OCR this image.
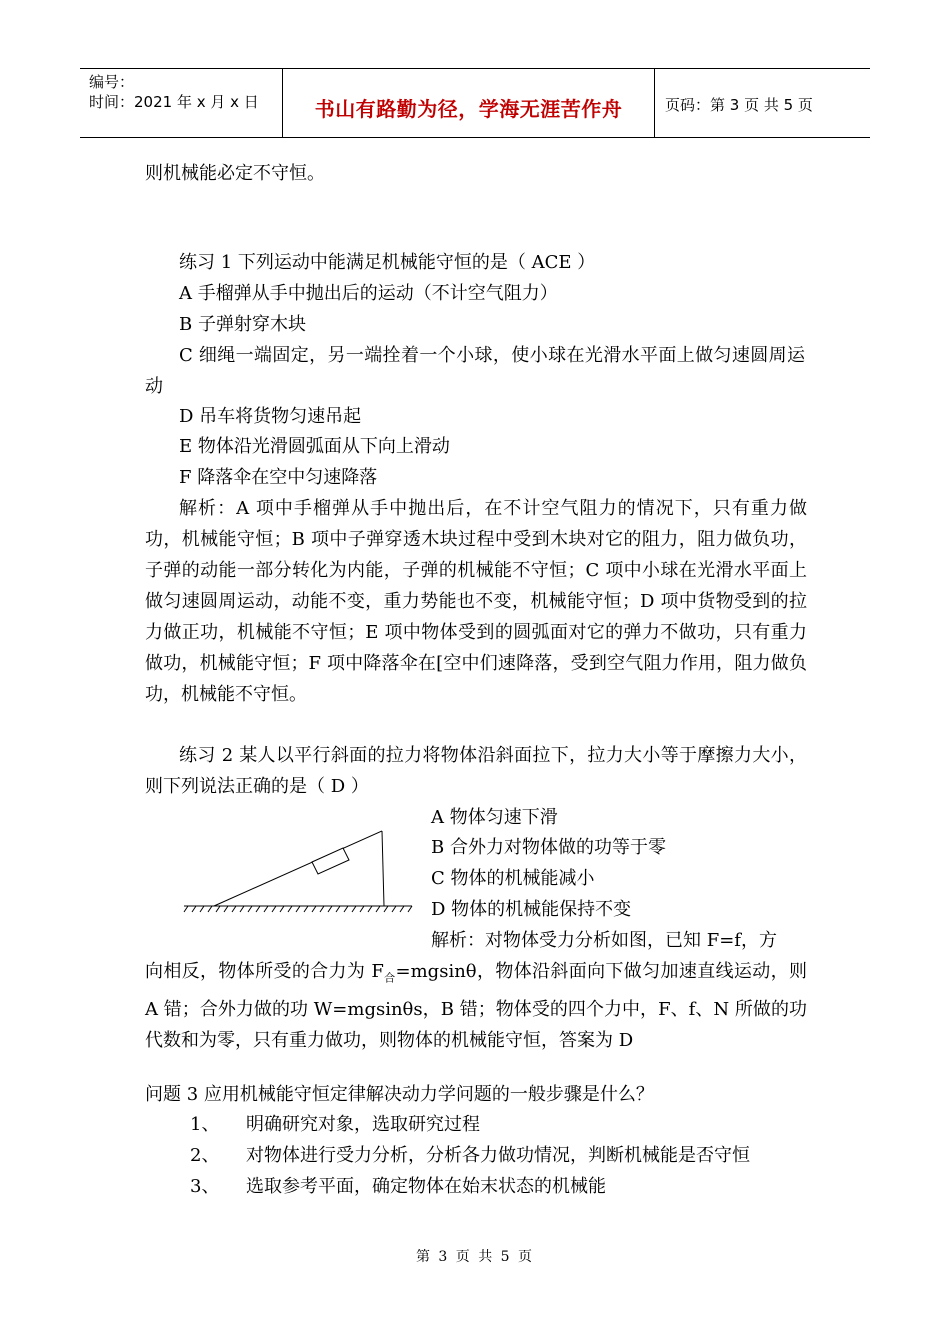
编号：
时间：2021 年 x 月 x 日	书山有路勤为径，学海无涯苦作舟	页码：第 3 页 共 5 页
则机械能必定不守恒。
练习 1 下列运动中能满足机械能守恒的是（ ACE ）
A 手榴弹从手中抛出后的运动（不计空气阻力）
B 子弹射穿木块
C 细绳一端固定，另一端拴着一个小球，使小球在光滑水平面上做匀速圆周运动
D 吊车将货物匀速吊起
E 物体沿光滑圆弧面从下向上滑动
F 降落伞在空中匀速降落
解析：A 项中手榴弹从手中抛出后，在不计空气阻力的情况下，只有重力做功，机械能守恒；B 项中子弹穿透木块过程中受到木块对它的阻力，阻力做负功，子弹的动能一部分转化为内能，子弹的机械能不守恒；C 项中小球在光滑水平面上做匀速圆周运动，动能不变，重力势能也不变，机械能守恒；D 项中货物受到的拉力做正功，机械能不守恒；E 项中物体受到的圆弧面对它的弹力不做功，只有重力做功，机械能守恒；F 项中降落伞在[空中们速降落，受到空气阻力作用，阻力做负功，机械能不守恒。
练习 2 某人以平行斜面的拉力将物体沿斜面拉下，拉力大小等于摩擦力大小，则下列说法正确的是（ D ）
A 物体匀速下滑
B 合外力对物体做的功等于零
C 物体的机械能减小
D 物体的机械能保持不变
解析：对物体受力分析如图，已知 F=f，方
向相反，物体所受的合力为 $F_合=mgsin\theta$，物体沿斜面向下做匀加速直线运动，则 A 错；合外力做的功 W=mgsinθs，B 错；物体受的四个力中，F、f、N 所做的功代数和为零，只有重力做功，则物体的机械能守恒，答案为 D
问题 3 应用机械能守恒定律解决动力学问题的一般步骤是什么？
1、 明确研究对象，选取研究过程
2、 对物体进行受力分析，分析各力做功情况，判断机械能是否守恒
3、 选取参考平面，确定物体在始末状态的机械能
第 3 页 共 5 页
